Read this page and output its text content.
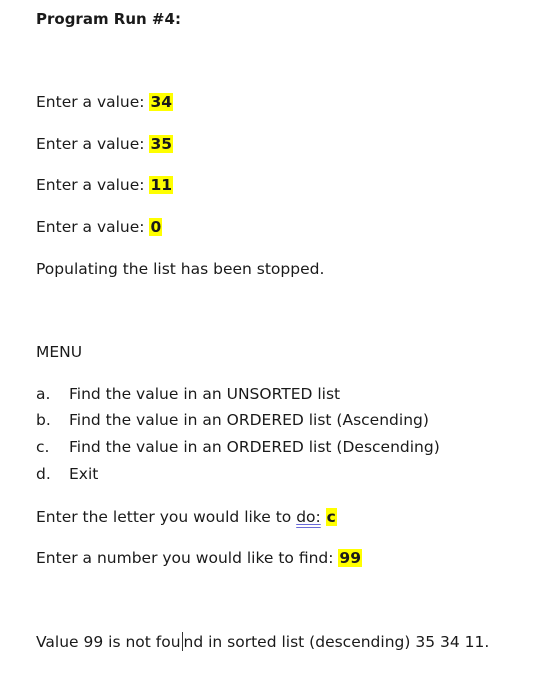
Program Run #4:
Enter a value: 34
Enter a value: 35
Enter a value: 11
Enter a value: 0
Populating the list has been stopped.
MENU
a. Find the value in an UNSORTED list
b. Find the value in an ORDERED list (Ascending)
c. Find the value in an ORDERED list (Descending)
d. Exit
Enter the letter you would like to do: c
Enter a number you would like to find: 99
Value 99 is not fou nd in sorted list (descending) 35 34 11.
